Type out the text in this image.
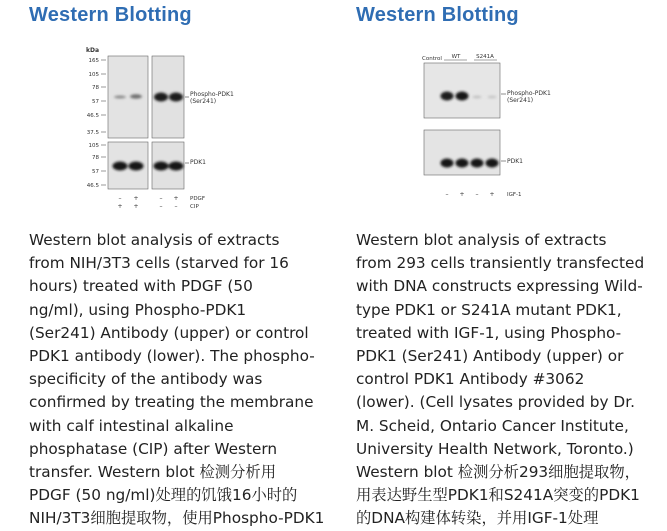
Western Blotting
kDa
165
105
78
57
46.5
37.5
105
78
57
46.5
Phospho-PDK1
(Ser241)
PDK1
– +	– + PDGF
+ +	– – CIP
Western blot analysis of extracts
from NIH/3T3 cells (starved for 16
hours) treated with PDGF (50
ng/ml), using Phospho-PDK1
(Ser241) Antibody (upper) or control
PDK1 antibody (lower). The phospho-
specificity of the antibody was
confirmed by treating the membrane
with calf intestinal alkaline
phosphatase (CIP) after Western
transfer. Western blot 检测分析用
PDGF (50 ng/ml)处理的饥饿16小时的
NIH/3T3细胞提取物，使用Phospho-PDK1
Western Blotting
Control WT	S241A
Phospho-PDK1
(Ser241)
PDK1
– + – + IGF-1
Western blot analysis of extracts
from 293 cells transiently transfected
with DNA constructs expressing Wild-
type PDK1 or S241A mutant PDK1,
treated with IGF-1, using Phospho-
PDK1 (Ser241) Antibody (upper) or
control PDK1 Antibody #3062
(lower). (Cell lysates provided by Dr.
M. Scheid, Ontario Cancer Institute,
University Health Network, Toronto.)
Western blot 检测分析293细胞提取物，
用表达野生型PDK1和S241A突变的PDK1
的DNA构建体转染，并用IGF-1处理
